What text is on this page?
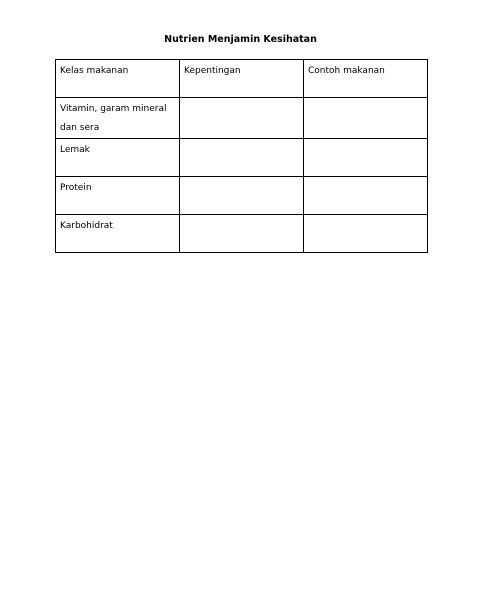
Nutrien Menjamin Kesihatan
Kelas makanan	Kepentingan	Contoh makanan
Vitamin, garam mineral dan sera		
Lemak		
Protein		
Karbohidrat		
